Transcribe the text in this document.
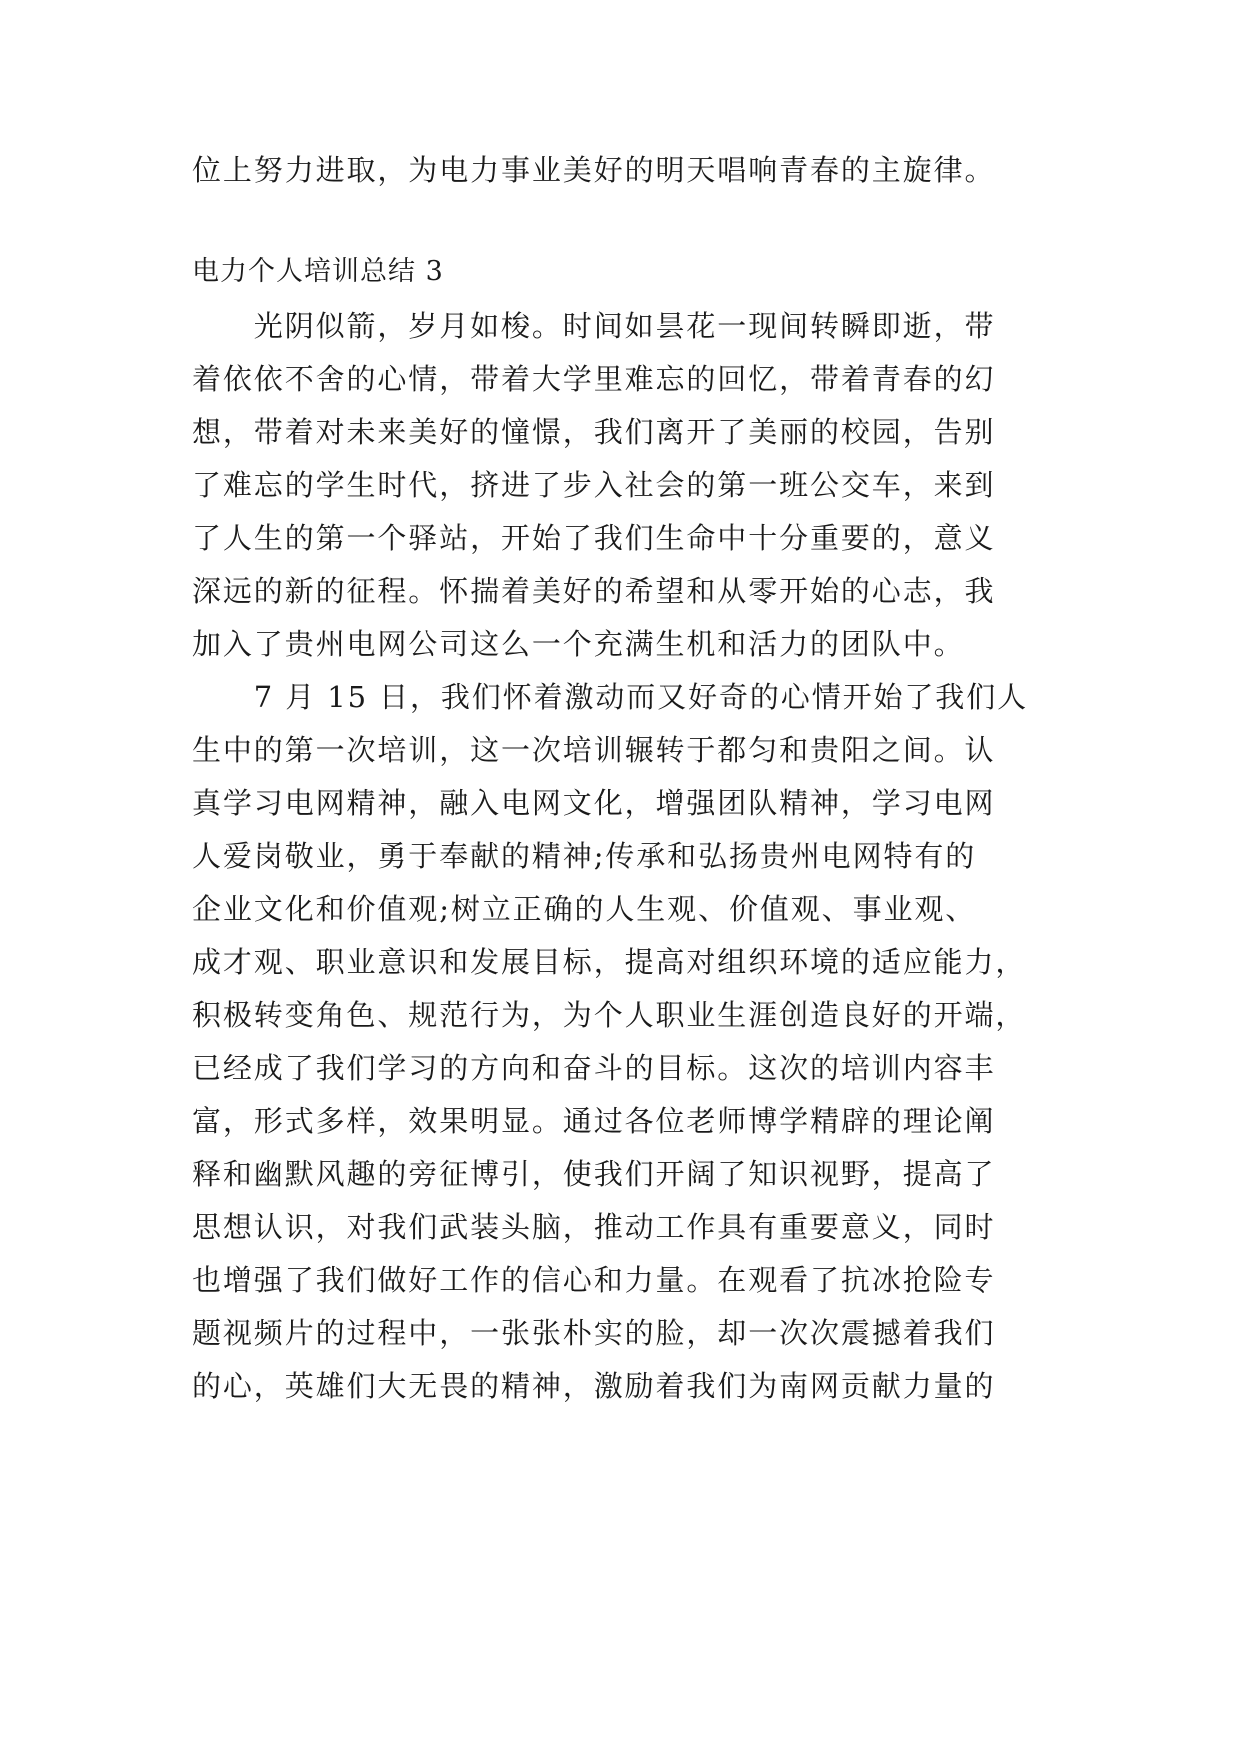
位上努力进取，为电力事业美好的明天唱响青春的主旋律。
电力个人培训总结 3
　　光阴似箭，岁月如梭。时间如昙花一现间转瞬即逝，带
着依依不舍的心情，带着大学里难忘的回忆，带着青春的幻
想，带着对未来美好的憧憬，我们离开了美丽的校园，告别
了难忘的学生时代，挤进了步入社会的第一班公交车，来到
了人生的第一个驿站，开始了我们生命中十分重要的，意义
深远的新的征程。怀揣着美好的希望和从零开始的心志，我
加入了贵州电网公司这么一个充满生机和活力的团队中。
　　7 月 15 日，我们怀着激动而又好奇的心情开始了我们人
生中的第一次培训，这一次培训辗转于都匀和贵阳之间。认
真学习电网精神，融入电网文化，增强团队精神，学习电网
人爱岗敬业，勇于奉献的精神;传承和弘扬贵州电网特有的
企业文化和价值观;树立正确的人生观、价值观、事业观、
成才观、职业意识和发展目标，提高对组织环境的适应能力，
积极转变角色、规范行为，为个人职业生涯创造良好的开端，
已经成了我们学习的方向和奋斗的目标。这次的培训内容丰
富，形式多样，效果明显。通过各位老师博学精辟的理论阐
释和幽默风趣的旁征博引，使我们开阔了知识视野，提高了
思想认识，对我们武装头脑，推动工作具有重要意义，同时
也增强了我们做好工作的信心和力量。在观看了抗冰抢险专
题视频片的过程中，一张张朴实的脸，却一次次震撼着我们
的心，英雄们大无畏的精神，激励着我们为南网贡献力量的
